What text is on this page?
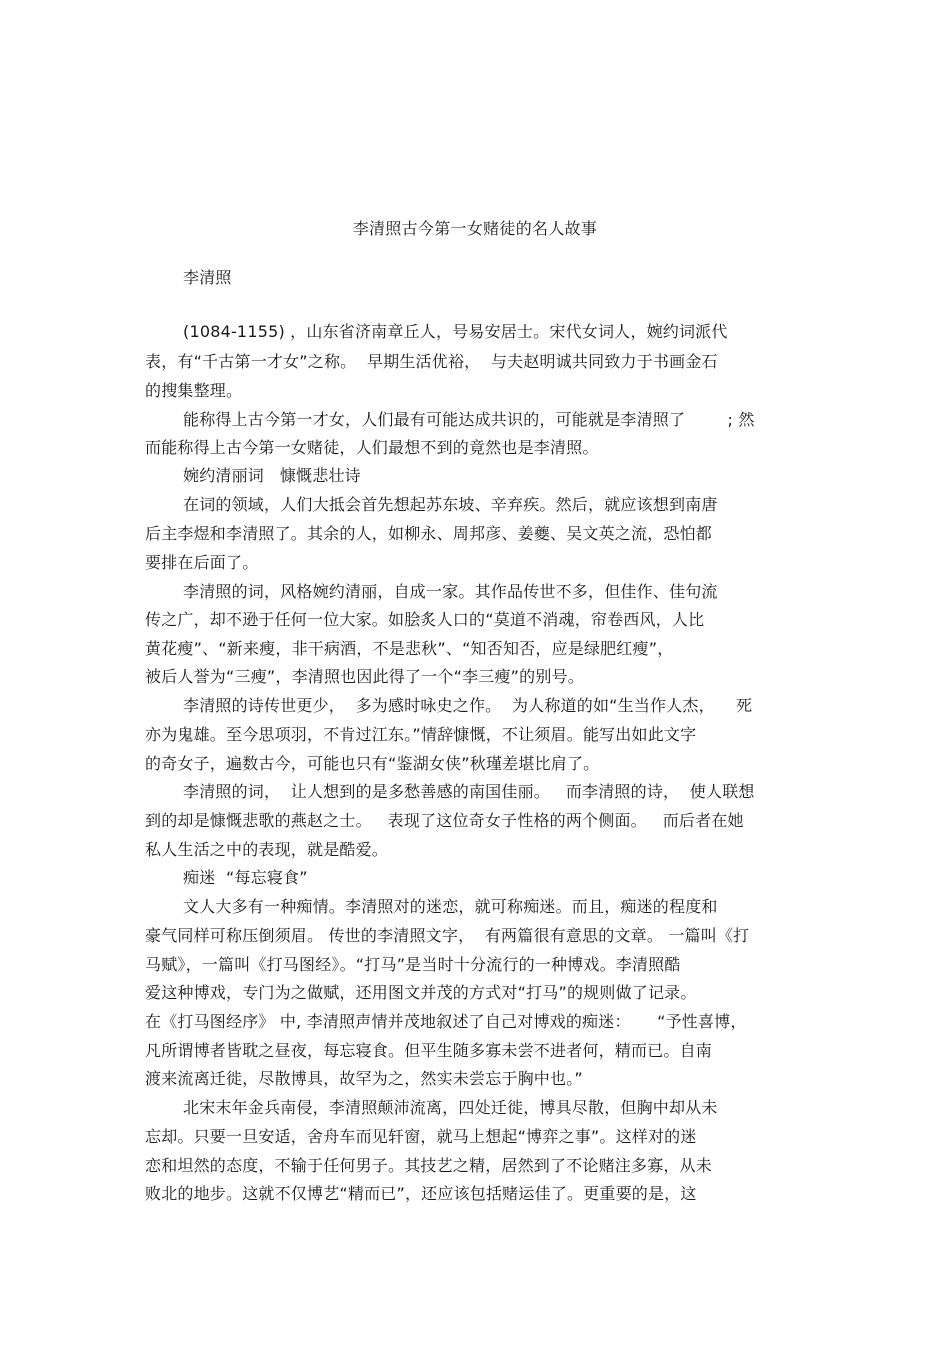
李清照古今第一女赌徒的名人故事
李清照
(1084-1155) ，山东省济南章丘人，号易安居士。宋代女词人，婉约词派代
表，有“千古第一才女”之称。  早期生活优裕，  与夫赵明诚共同致力于书画金石
的搜集整理。
能称得上古今第一才女，人们最有可能达成共识的，可能就是李清照了        ; 然
而能称得上古今第一女赌徒，人们最想不到的竟然也是李清照。
婉约清丽词   慷慨悲壮诗
在词的领域，人们大抵会首先想起苏东坡、辛弃疾。然后，就应该想到南唐
后主李煜和李清照了。其余的人，如柳永、周邦彦、姜夔、吴文英之流，恐怕都
要排在后面了。
李清照的词，风格婉约清丽，自成一家。其作品传世不多，但佳作、佳句流
传之广，却不逊于任何一位大家。如脍炙人口的“莫道不消魂，帘卷西风，人比
黄花瘦”、“新来瘦，非干病酒，不是悲秋”、“知否知否，应是绿肥红瘦”，
被后人誉为“三瘦”，李清照也因此得了一个“李三瘦”的别号。
李清照的诗传世更少，  多为感时咏史之作。  为人称道的如“生当作人杰，    死
亦为鬼雄。至今思项羽，不肯过江东。”情辞慷慨，不让须眉。能写出如此文字
的奇女子，遍数古今，可能也只有“鉴湖女侠”秋瑾差堪比肩了。
李清照的词，  让人想到的是多愁善感的南国佳丽。   而李清照的诗，  使人联想
到的却是慷慨悲歌的燕赵之士。   表现了这位奇女子性格的两个侧面。   而后者在她
私人生活之中的表现，就是酷爱。
痴迷  “每忘寝食”
文人大多有一种痴情。李清照对的迷恋，就可称痴迷。而且，痴迷的程度和
豪气同样可称压倒须眉。 传世的李清照文字，  有两篇很有意思的文章。 一篇叫《打
马赋》，一篇叫《打马图经》。“打马”是当时十分流行的一种博戏。李清照酷
爱这种博戏，专门为之做赋，还用图文并茂的方式对“打马”的规则做了记录。
在《打马图经序》 中, 李清照声情并茂地叙述了自己对博戏的痴迷：     “予性喜博，
凡所谓博者皆耽之昼夜，每忘寝食。但平生随多寡未尝不进者何，精而已。自南
渡来流离迁徙，尽散博具，故罕为之，然实未尝忘于胸中也。”
北宋末年金兵南侵，李清照颠沛流离，四处迁徙，博具尽散，但胸中却从未
忘却。只要一旦安适，舍舟车而见轩窗，就马上想起“博弈之事”。这样对的迷
恋和坦然的态度，不输于任何男子。其技艺之精，居然到了不论赌注多寡，从未
败北的地步。这就不仅博艺“精而已”，还应该包括赌运佳了。更重要的是，这
